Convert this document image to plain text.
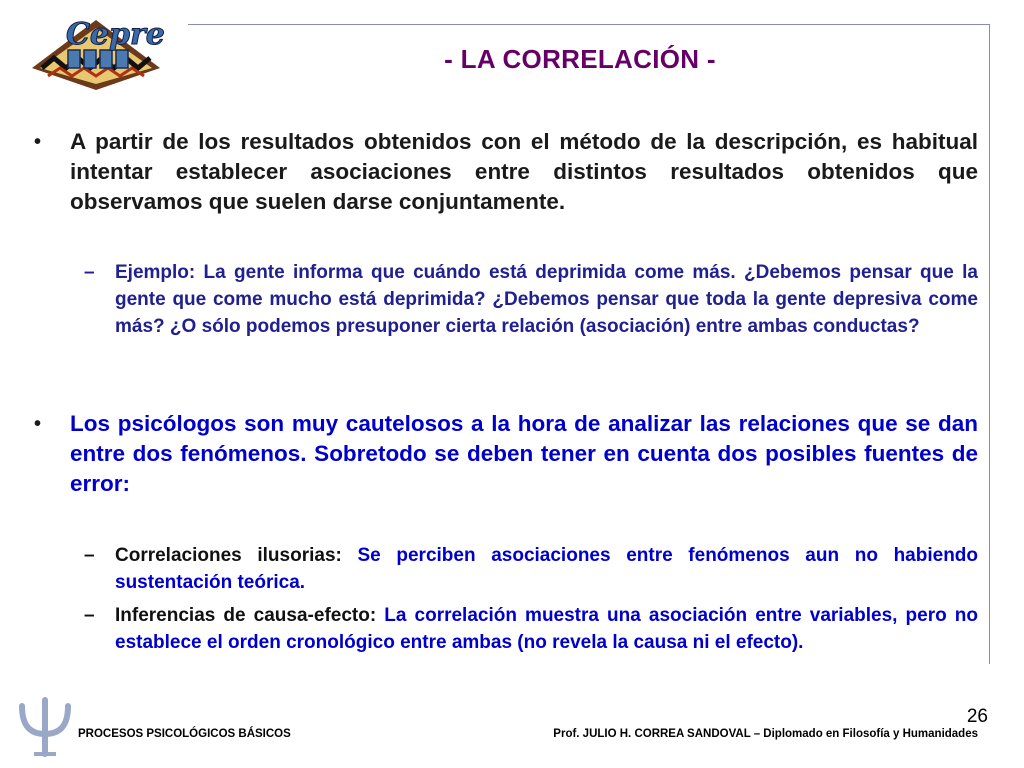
Cepre
- LA CORRELACIÓN -
• A partir de los resultados obtenidos con el método de la descripción, es habitual intentar establecer asociaciones entre distintos resultados obtenidos que observamos que suelen darse conjuntamente.
– Ejemplo: La gente informa que cuándo está deprimida come más. ¿Debemos pensar que la gente que come mucho está deprimida? ¿Debemos pensar que toda la gente depresiva come más? ¿O sólo podemos presuponer cierta relación (asociación) entre ambas conductas?
• Los psicólogos son muy cautelosos a la hora de analizar las relaciones que se dan entre dos fenómenos. Sobretodo se deben tener en cuenta dos posibles fuentes de error:
– Correlaciones ilusorias: Se perciben asociaciones entre fenómenos aun no habiendo sustentación teórica.
– Inferencias de causa-efecto: La correlación muestra una asociación entre variables, pero no establece el orden cronológico entre ambas (no revela la causa ni el efecto).
PROCESOS PSICOLÓGICOS BÁSICOS	Prof. JULIO H. CORREA SANDOVAL – Diplomado en Filosofía y Humanidades
26
